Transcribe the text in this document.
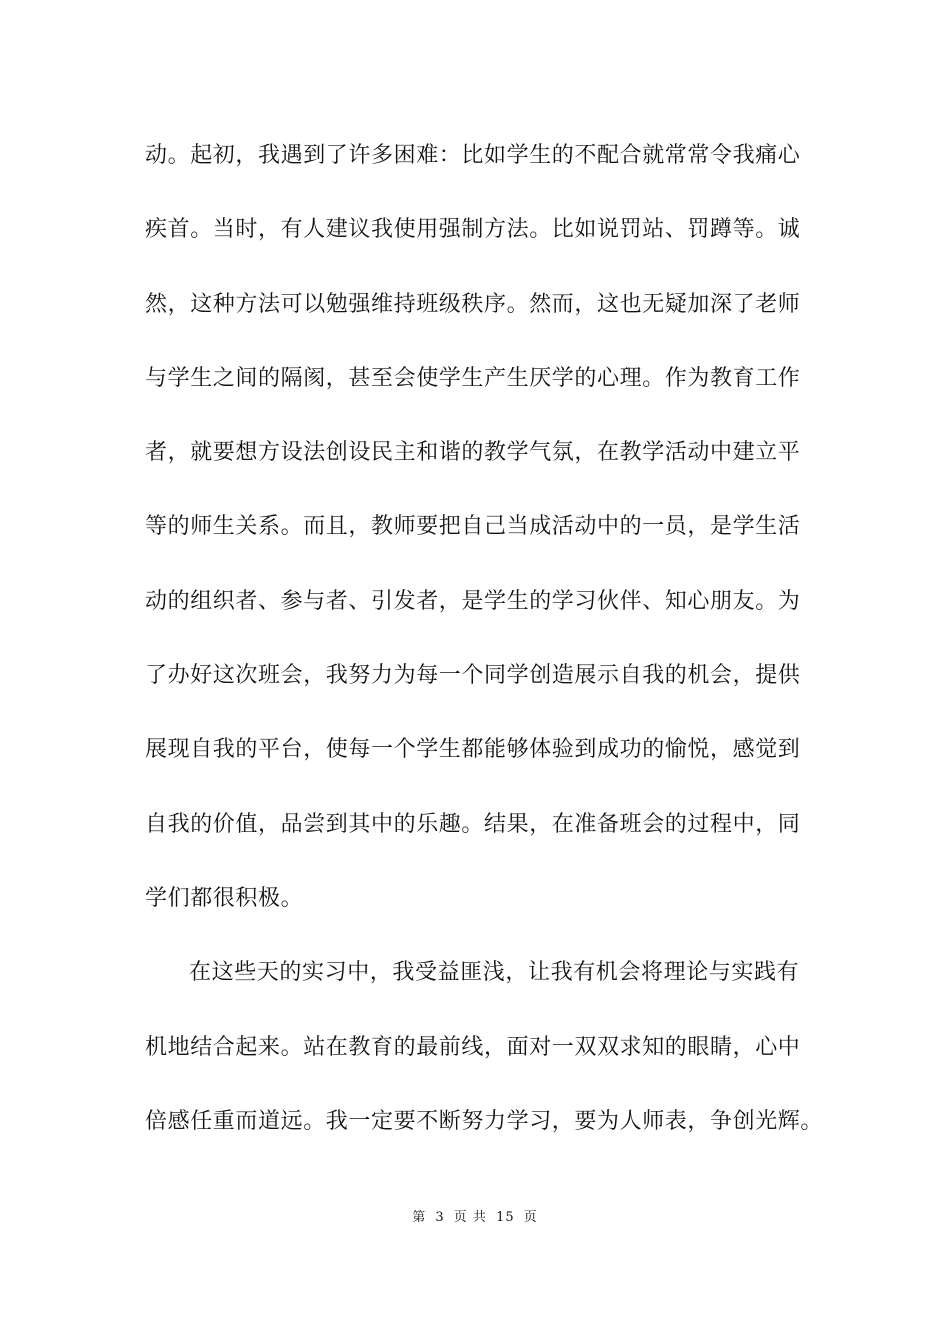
动。起初，我遇到了许多困难：比如学生的不配合就常常令我痛心
疾首。当时，有人建议我使用强制方法。比如说罚站、罚蹲等。诚
然，这种方法可以勉强维持班级秩序。然而，这也无疑加深了老师
与学生之间的隔阂，甚至会使学生产生厌学的心理。作为教育工作
者，就要想方设法创设民主和谐的教学气氛，在教学活动中建立平
等的师生关系。而且，教师要把自己当成活动中的一员，是学生活
动的组织者、参与者、引发者，是学生的学习伙伴、知心朋友。为
了办好这次班会，我努力为每一个同学创造展示自我的机会，提供
展现自我的平台，使每一个学生都能够体验到成功的愉悦，感觉到
自我的价值，品尝到其中的乐趣。结果，在准备班会的过程中，同
学们都很积极。
在这些天的实习中，我受益匪浅，让我有机会将理论与实践有
机地结合起来。站在教育的最前线，面对一双双求知的眼睛，心中
倍感任重而道远。我一定要不断努力学习，要为人师表，争创光辉。
第 3 页 共 15 页
